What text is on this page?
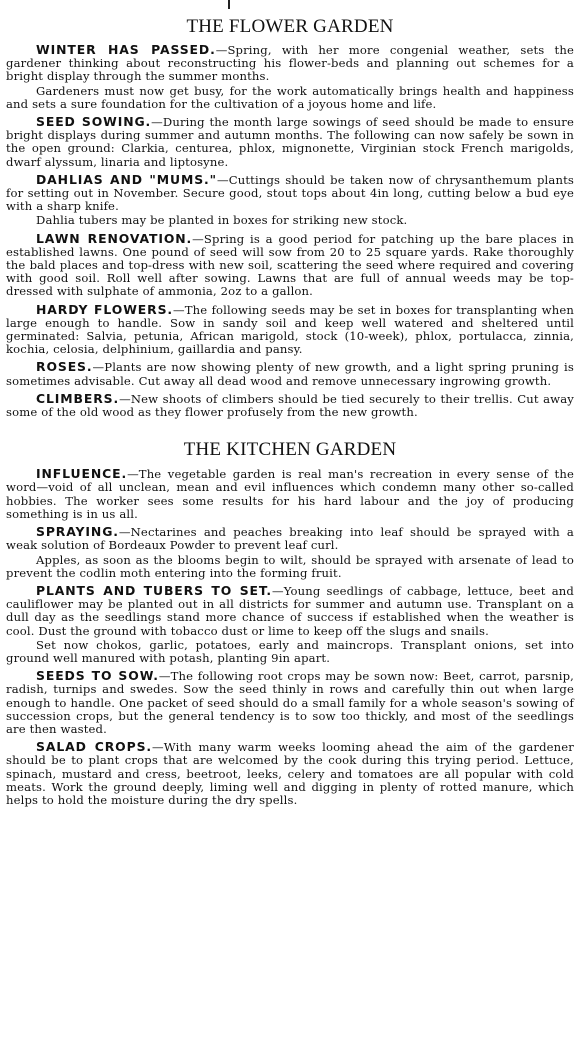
THE FLOWER GARDEN

WINTER HAS PASSED.—Spring, with her more congenial weather, sets the gardener thinking about reconstructing his flower-beds and planning out schemes for a bright display through the summer months.

Gardeners must now get busy, for the work automatically brings health and happiness and sets a sure foundation for the cultivation of a joyous home and life.

SEED SOWING.—During the month large sowings of seed should be made to ensure bright displays during summer and autumn months. The following can now safely be sown in the open ground: Clarkia, centurea, phlox, mignonette, Virginian stock French marigolds, dwarf alyssum, linaria and liptosyne.

DAHLIAS AND "MUMS."—Cuttings should be taken now of chrysanthemum plants for setting out in November. Secure good, stout tops about 4in long, cutting below a bud eye with a sharp knife.

Dahlia tubers may be planted in boxes for striking new stock.

LAWN RENOVATION.—Spring is a good period for patching up the bare places in established lawns. One pound of seed will sow from 20 to 25 square yards. Rake thoroughly the bald places and top-dress with new soil, scattering the seed where required and covering with good soil. Roll well after sowing. Lawns that are full of annual weeds may be top-dressed with sulphate of ammonia, 2oz to a gallon.

HARDY FLOWERS.—The following seeds may be set in boxes for transplanting when large enough to handle. Sow in sandy soil and keep well watered and sheltered until germinated: Salvia, petunia, African marigold, stock (10-week), phlox, portulacca, zinnia, kochia, celosia, delphinium, gaillardia and pansy.

ROSES.—Plants are now showing plenty of new growth, and a light spring pruning is sometimes advisable. Cut away all dead wood and remove unnecessary ingrowing growth.

CLIMBERS.—New shoots of climbers should be tied securely to their trellis. Cut away some of the old wood as they flower profusely from the new growth.

THE KITCHEN GARDEN

INFLUENCE.—The vegetable garden is real man's recreation in every sense of the word—void of all unclean, mean and evil influences which condemn many other so-called hobbies. The worker sees some results for his hard labour and the joy of producing something is in us all.

SPRAYING.—Nectarines and peaches breaking into leaf should be sprayed with a weak solution of Bordeaux Powder to prevent leaf curl.

Apples, as soon as the blooms begin to wilt, should be sprayed with arsenate of lead to prevent the codlin moth entering into the forming fruit.

PLANTS AND TUBERS TO SET.—Young seedlings of cabbage, lettuce, beet and cauliflower may be planted out in all districts for summer and autumn use. Transplant on a dull day as the seedlings stand more chance of success if established when the weather is cool. Dust the ground with tobacco dust or lime to keep off the slugs and snails.

Set now chokos, garlic, potatoes, early and maincrops. Transplant onions, set into ground well manured with potash, planting 9in apart.

SEEDS TO SOW.—The following root crops may be sown now: Beet, carrot, parsnip, radish, turnips and swedes. Sow the seed thinly in rows and carefully thin out when large enough to handle. One packet of seed should do a small family for a whole season's sowing of succession crops, but the general tendency is to sow too thickly, and most of the seedlings are then wasted.

SALAD CROPS.—With many warm weeks looming ahead the aim of the gardener should be to plant crops that are welcomed by the cook during this trying period. Lettuce, spinach, mustard and cress, beetroot, leeks, celery and tomatoes are all popular with cold meats. Work the ground deeply, liming well and digging in plenty of rotted manure, which helps to hold the moisture during the dry spells.
